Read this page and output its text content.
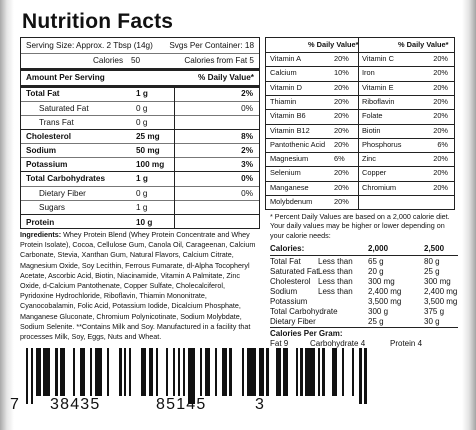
Nutrition Facts
Serving Size: Approx. 2 Tbsp (14g) Svgs Per Container: 18
Calories 50	Calories from Fat 5
Amount Per Serving	% Daily Value*
Total Fat	1 g	2%
Saturated Fat	0 g	0%
Trans Fat	0 g
Cholesterol	25 mg	8%
Sodium	50 mg	2%
Potassium	100 mg	3%
Total Carbohydrates	1 g	0%
Dietary Fiber	0 g	0%
Sugars	1 g
Protein	10 g
% Daily Value*	% Daily Value*
Vitamin A	20% Vitamin C	20%
Calcium	10% Iron	20%
Vitamin D	20% Vitamin E	20%
Thiamin	20% Riboflavin	20%
Vitamin B6	20% Folate	20%
Vitamin B12	20% Biotin	20%
Pantothenic Acid 20% Phosphorus	6%
Magnesium	6% Zinc	20%
Selenium	20% Copper	20%
Manganese	20% Chromium	20%
Molybdenum	20%
* Percent Daily Values are based on a 2,000 calorie diet. Your daily values may be higher or lower depending on your calorie needs:
Calories:	2,000	2,500
Total Fat Less than 65 g	80 g
Saturated Fat Less than 20 g	25 g
Cholesterol Less than 300 mg	300 mg
Sodium	Less than 2,400 mg	2,400 mg
Potassium	3,500 mg	3,500 mg
Total Carbohydrate	300 g	375 g
Dietary Fiber	25 g	30 g
Calories Per Gram:
Fat 9	Carbohydrate 4	Protein 4
Ingredients: Whey Protein Blend (Whey Protein Concentrate and Whey Protein Isolate), Cocoa, Cellulose Gum, Canola Oil, Carageenan, Calcium Carbonate, Stevia, Xanthan Gum, Natural Flavors, Calcium Citrate, Magnesium Oxide, Soy Lecithin, Ferrous Fumarate, dl-Alpha Tocopheryl Acetate, Ascorbic Acid, Biotin, Niacinamide, Vitamin A Palmitate, Zinc Oxide, d-Calcium Pantothenate, Copper Sulfate, Cholecalciferol, Pyridoxine Hydrochloride, Riboflavin, Thiamin Mononitrate, Cyanocobalamin, Folic Acid, Potassium Iodide, Dicalcium Phosphate, Manganese Gluconate, Chromium Polynicotinate, Sodium Molybdate, Sodium Selenite. **Contains Milk and Soy. Manufactured in a facility that processes Milk, Soy, Eggs, Nuts and Wheat.
7 38435	85145	3
